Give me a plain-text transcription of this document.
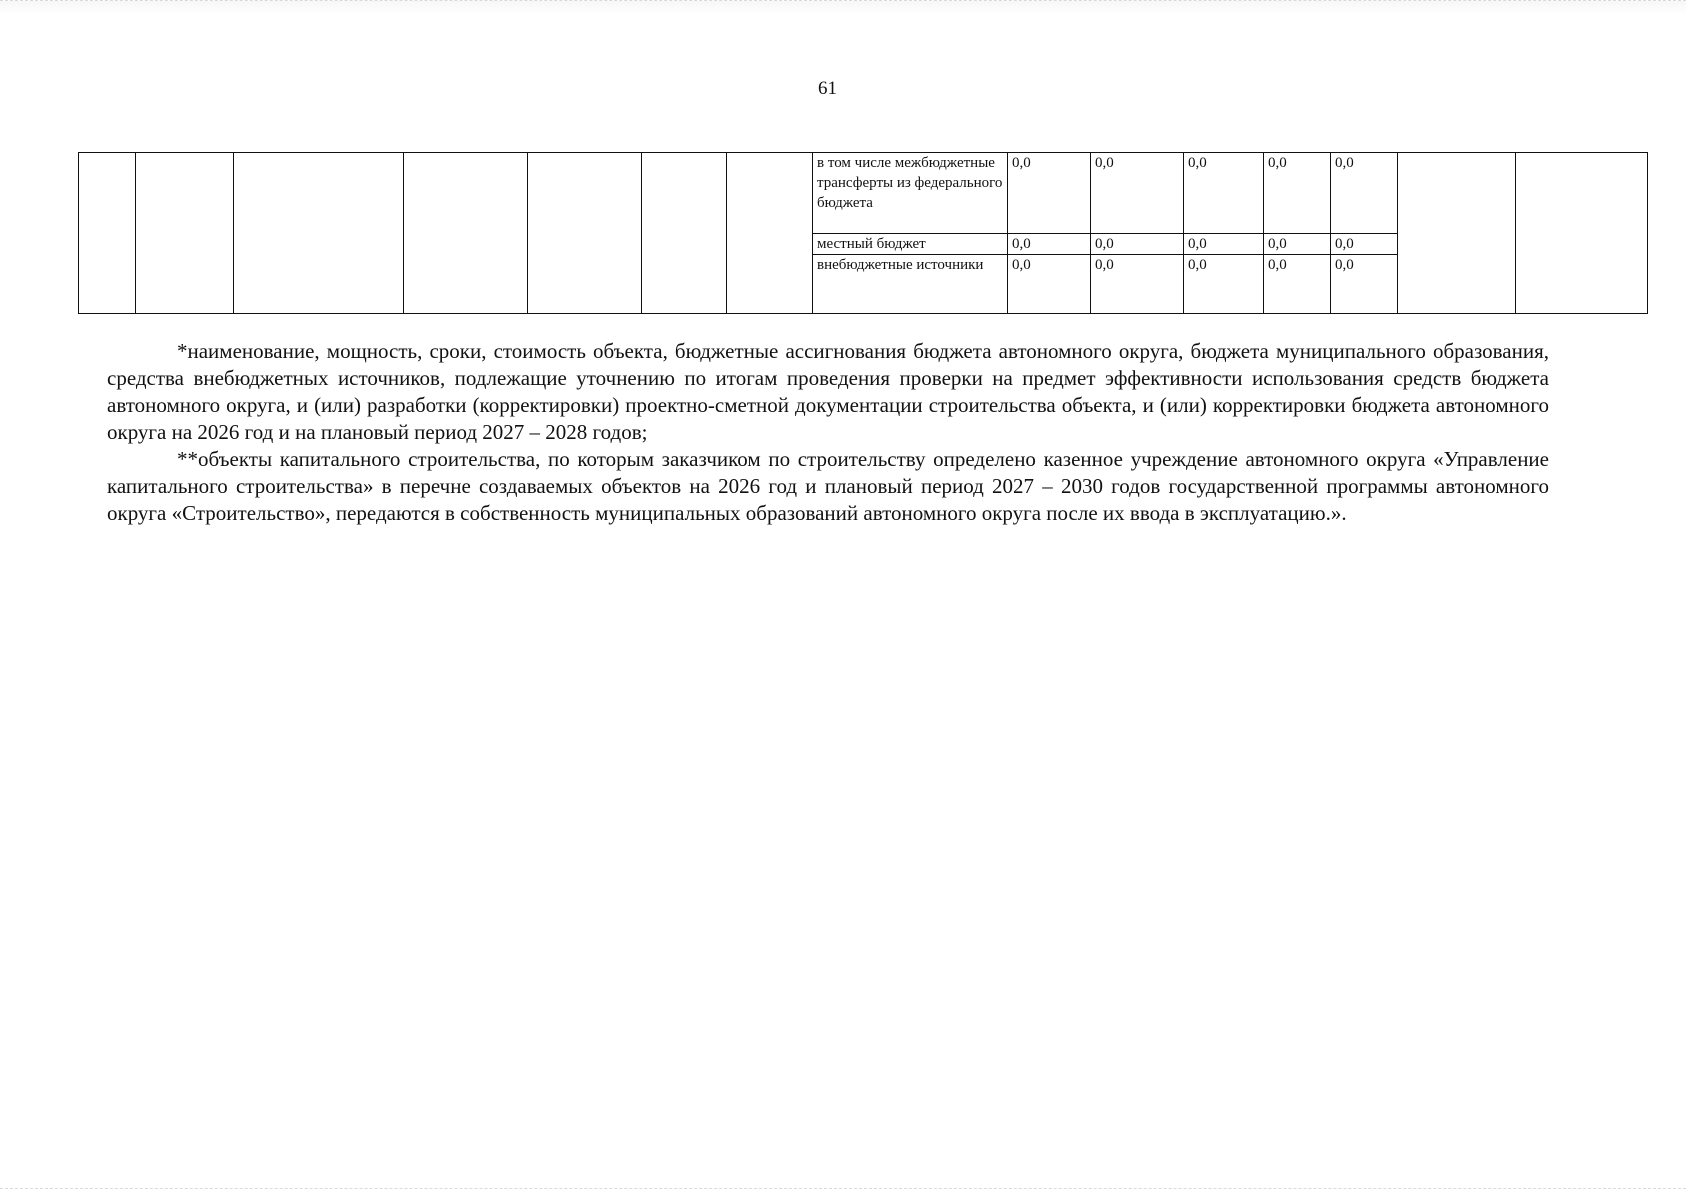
61
							в том числе межбюджетные трансферты из федерального бюджета	0,0	0,0	0,0	0,0	0,0		
							местный бюджет	0,0	0,0	0,0	0,0	0,0		
							внебюджетные источники	0,0	0,0	0,0	0,0	0,0		

*наименование, мощность, сроки, стоимость объекта, бюджетные ассигнования бюджета автономного округа, бюджета муниципального образования, средства внебюджетных источников, подлежащие уточнению по итогам проведения проверки на предмет эффективности использования средств бюджета автономного округа, и (или) разработки (корректировки) проектно-сметной документации строительства объекта, и (или) корректировки бюджета автономного округа на 2026 год и на плановый период 2027 – 2028 годов;

**объекты капитального строительства, по которым заказчиком по строительству определено казенное учреждение автономного округа «Управление капитального строительства» в перечне создаваемых объектов на 2026 год и плановый период 2027 – 2030 годов государственной программы автономного округа «Строительство», передаются в собственность муниципальных образований автономного округа после их ввода в эксплуатацию.».
